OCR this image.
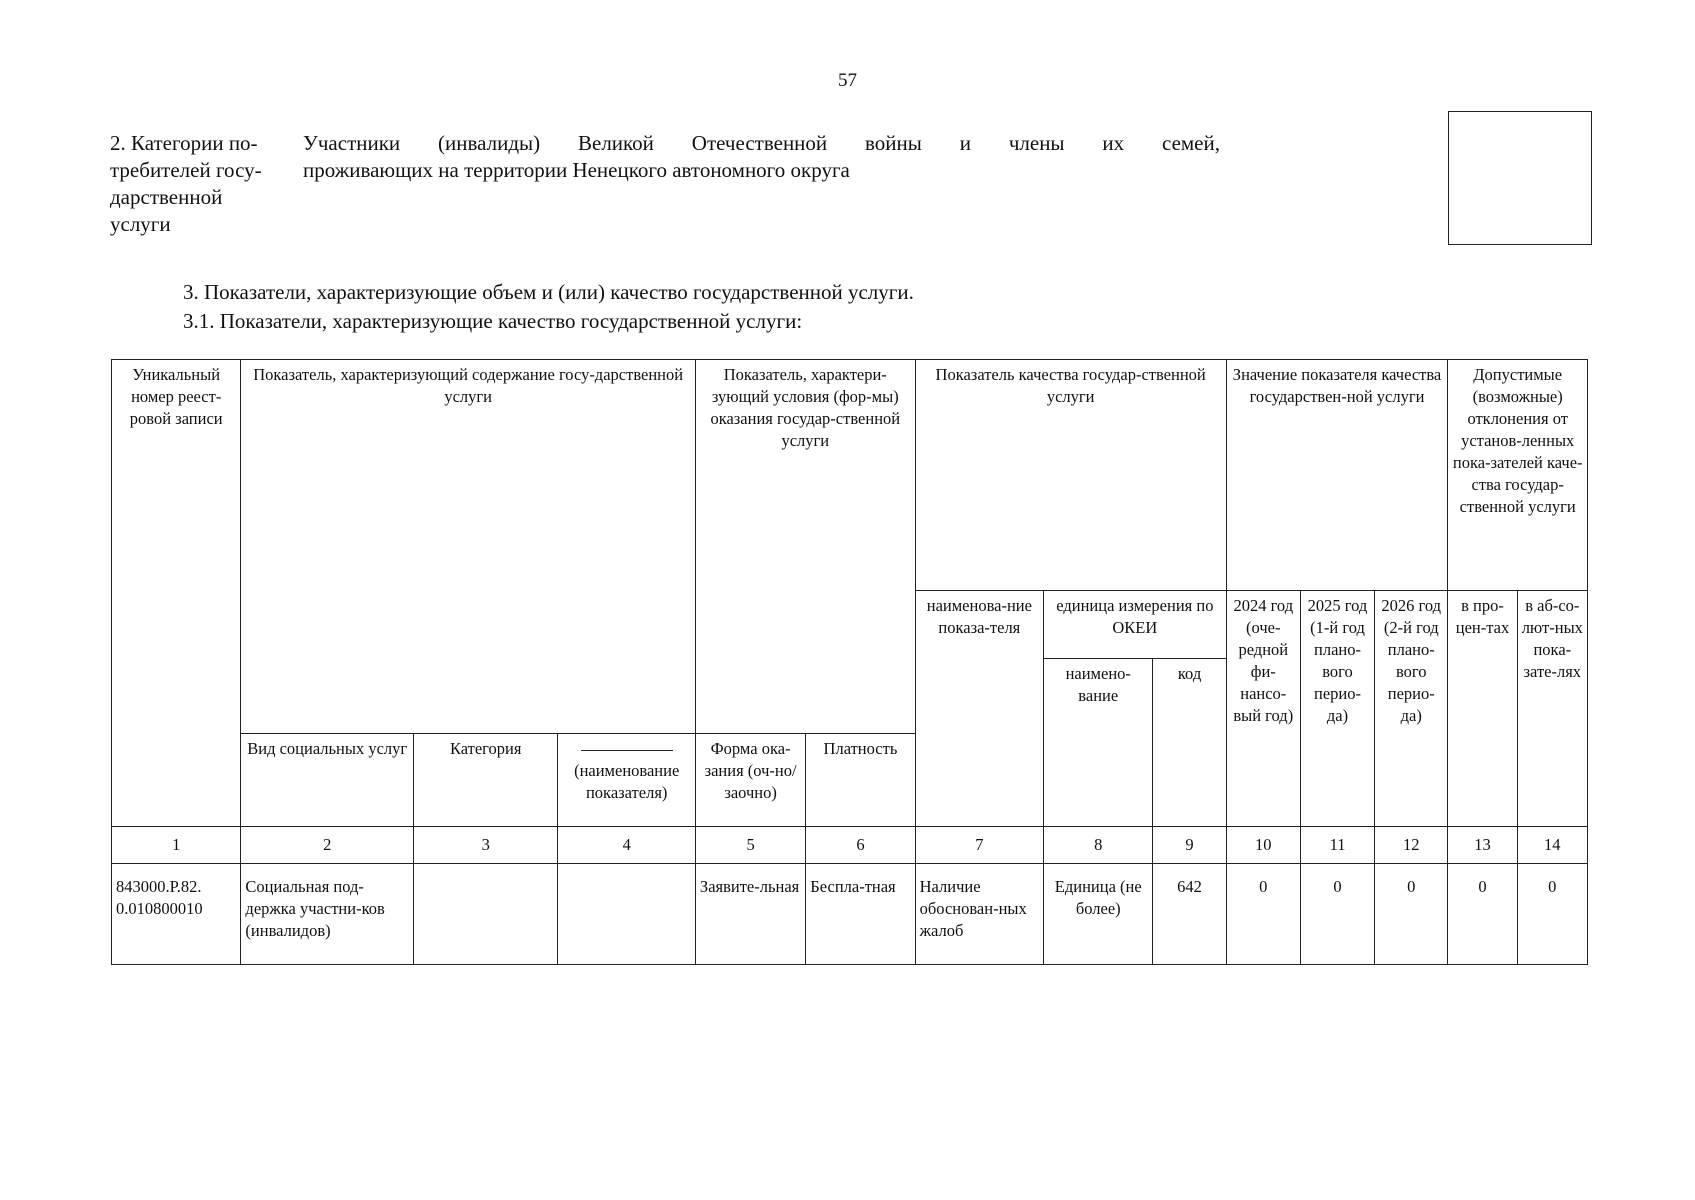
57
2. Категории по-
требителей госу-
дарственной
услуги
Участники (инвалиды) Великой Отечественной войны и члены их семей,
проживающих на территории Ненецкого автономного округа
3. Показатели, характеризующие объем и (или) качество государственной услуги.
3.1. Показатели, характеризующие качество государственной услуги:
Уникальный номер реест-ровой записи	Показатель, характеризующий содержание госу-дарственной услуги			Показатель, характери-зующий условия (фор-мы) оказания государ-ственной услуги		Показатель качества государ-ственной услуги			Значение показателя качества государствен-ной услуги			Допустимые (возможные) отклонения от установ-ленных пока-зателей каче-ства государ-ственной услуги	
						наименова-ние показа-теля	единица измерения по ОКЕИ		2024 год (оче-редной фи-нансо-вый год)	2025 год (1-й год плано-вого перио-да)	2026 год (2-й год плано-вого перио-да)	в про-цен-тах	в аб-со-лют-ных пока-зате-лях
							наимено-вание	код					
	Вид социальных услуг	Категория	(наименование показателя)	Форма ока-зания (оч-но/заочно)	Платность								
1	2	3	4	5	6	7	8	9	10	11	12	13	14
843000.Р.82.
0.010800010	Социальная под-держка участни-ков (инвалидов)			Заявите-льная	Беспла-тная	Наличие обоснован-ных жалоб	Единица (не более)	642	0	0	0	0	0
